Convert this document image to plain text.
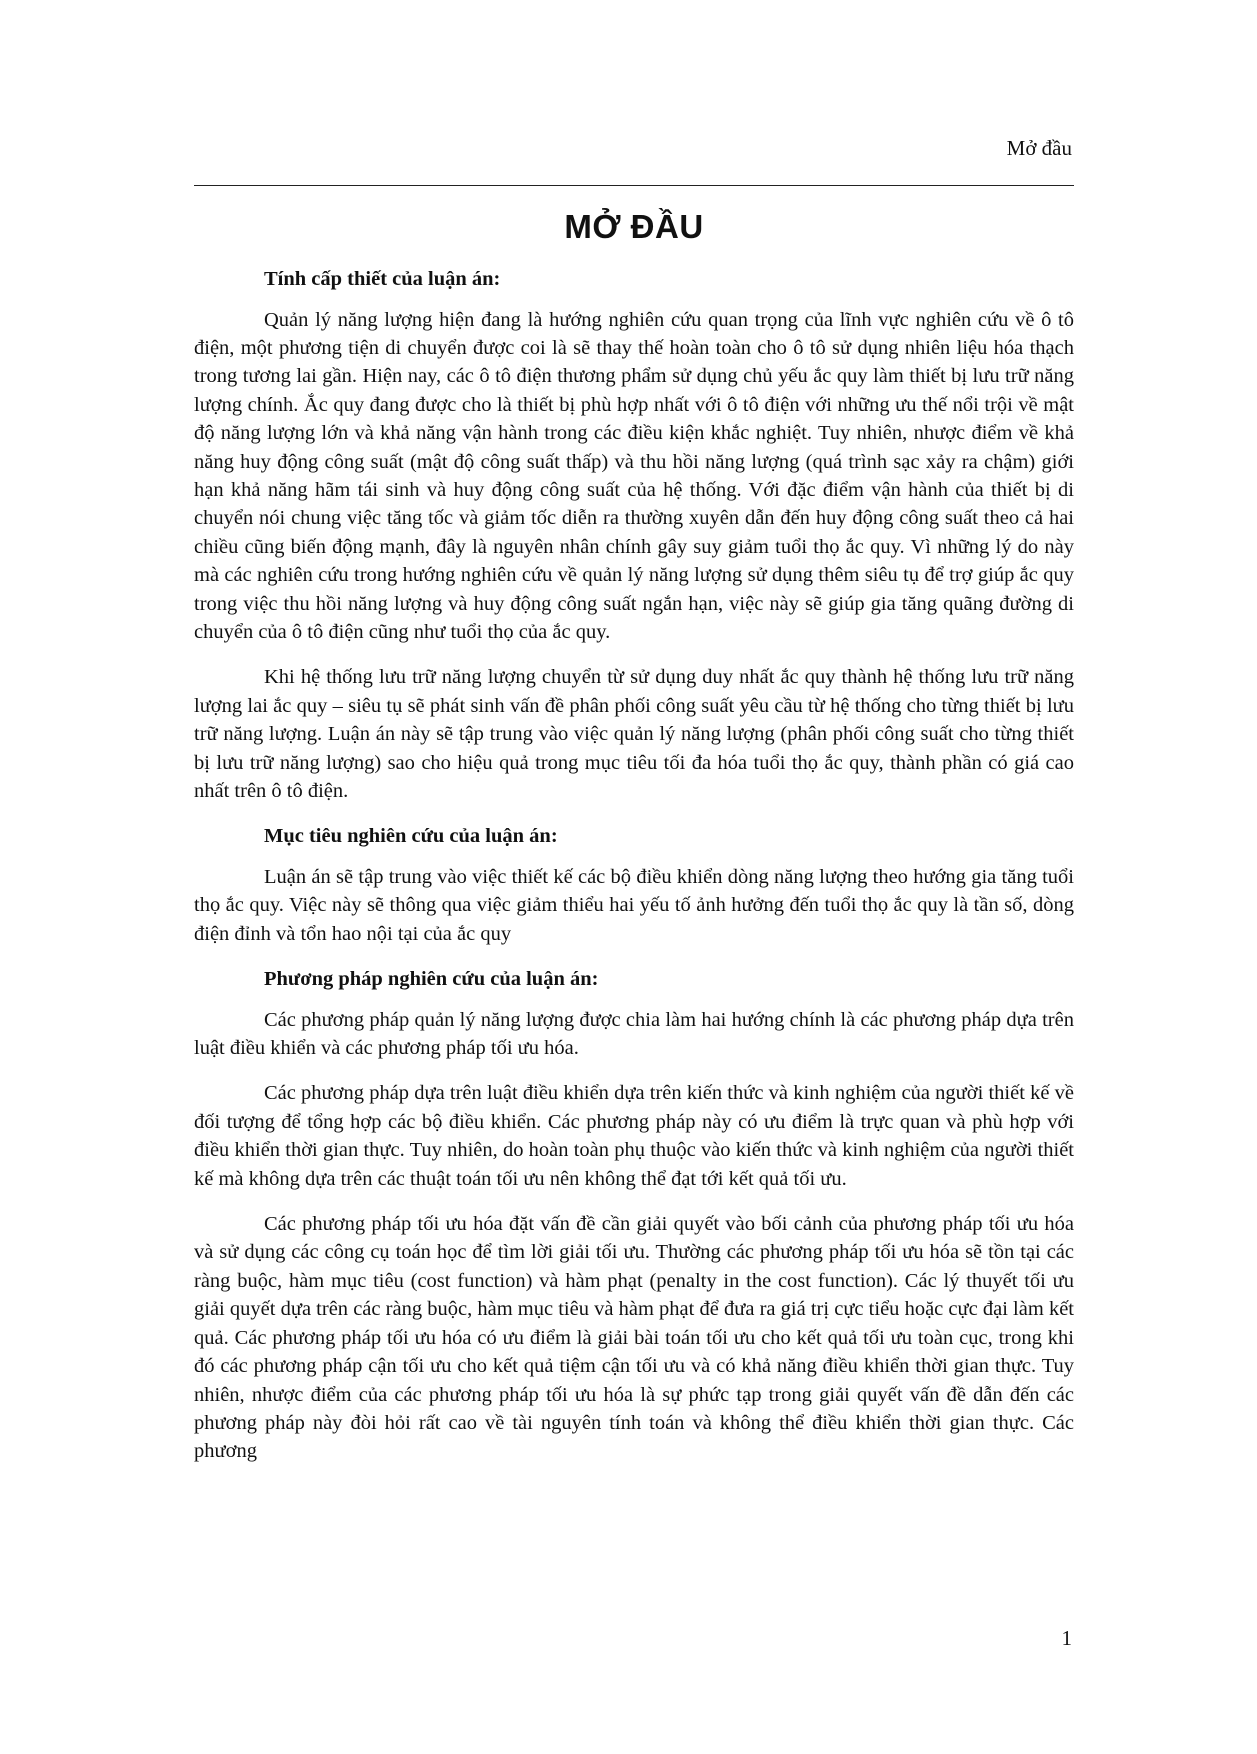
Mở đầu
MỞ ĐẦU

Tính cấp thiết của luận án:

Quản lý năng lượng hiện đang là hướng nghiên cứu quan trọng của lĩnh vực nghiên cứu về ô tô điện, một phương tiện di chuyển được coi là sẽ thay thế hoàn toàn cho ô tô sử dụng nhiên liệu hóa thạch trong tương lai gần. Hiện nay, các ô tô điện thương phẩm sử dụng chủ yếu ắc quy làm thiết bị lưu trữ năng lượng chính. Ắc quy đang được cho là thiết bị phù hợp nhất với ô tô điện với những ưu thế nổi trội về mật độ năng lượng lớn và khả năng vận hành trong các điều kiện khắc nghiệt. Tuy nhiên, nhược điểm về khả năng huy động công suất (mật độ công suất thấp) và thu hồi năng lượng (quá trình sạc xảy ra chậm) giới hạn khả năng hãm tái sinh và huy động công suất của hệ thống. Với đặc điểm vận hành của thiết bị di chuyển nói chung việc tăng tốc và giảm tốc diễn ra thường xuyên dẫn đến huy động công suất theo cả hai chiều cũng biến động mạnh, đây là nguyên nhân chính gây suy giảm tuổi thọ ắc quy. Vì những lý do này mà các nghiên cứu trong hướng nghiên cứu về quản lý năng lượng sử dụng thêm siêu tụ để trợ giúp ắc quy trong việc thu hồi năng lượng và huy động công suất ngắn hạn, việc này sẽ giúp gia tăng quãng đường di chuyển của ô tô điện cũng như tuổi thọ của ắc quy.

Khi hệ thống lưu trữ năng lượng chuyển từ sử dụng duy nhất ắc quy thành hệ thống lưu trữ năng lượng lai ắc quy – siêu tụ sẽ phát sinh vấn đề phân phối công suất yêu cầu từ hệ thống cho từng thiết bị lưu trữ năng lượng. Luận án này sẽ tập trung vào việc quản lý năng lượng (phân phối công suất cho từng thiết bị lưu trữ năng lượng) sao cho hiệu quả trong mục tiêu tối đa hóa tuổi thọ ắc quy, thành phần có giá cao nhất trên ô tô điện.

Mục tiêu nghiên cứu của luận án:

Luận án sẽ tập trung vào việc thiết kế các bộ điều khiển dòng năng lượng theo hướng gia tăng tuổi thọ ắc quy. Việc này sẽ thông qua việc giảm thiểu hai yếu tố ảnh hưởng đến tuổi thọ ắc quy là tần số, dòng điện đỉnh và tổn hao nội tại của ắc quy

Phương pháp nghiên cứu của luận án:

Các phương pháp quản lý năng lượng được chia làm hai hướng chính là các phương pháp dựa trên luật điều khiển và các phương pháp tối ưu hóa.

Các phương pháp dựa trên luật điều khiển dựa trên kiến thức và kinh nghiệm của người thiết kế về đối tượng để tổng hợp các bộ điều khiển. Các phương pháp này có ưu điểm là trực quan và phù hợp với điều khiển thời gian thực. Tuy nhiên, do hoàn toàn phụ thuộc vào kiến thức và kinh nghiệm của người thiết kế mà không dựa trên các thuật toán tối ưu nên không thể đạt tới kết quả tối ưu.

Các phương pháp tối ưu hóa đặt vấn đề cần giải quyết vào bối cảnh của phương pháp tối ưu hóa và sử dụng các công cụ toán học để tìm lời giải tối ưu. Thường các phương pháp tối ưu hóa sẽ tồn tại các ràng buộc, hàm mục tiêu (cost function) và hàm phạt (penalty in the cost function). Các lý thuyết tối ưu giải quyết dựa trên các ràng buộc, hàm mục tiêu và hàm phạt để đưa ra giá trị cực tiểu hoặc cực đại làm kết quả. Các phương pháp tối ưu hóa có ưu điểm là giải bài toán tối ưu cho kết quả tối ưu toàn cục, trong khi đó các phương pháp cận tối ưu cho kết quả tiệm cận tối ưu và có khả năng điều khiển thời gian thực. Tuy nhiên, nhược điểm của các phương pháp tối ưu hóa là sự phức tạp trong giải quyết vấn đề dẫn đến các phương pháp này đòi hỏi rất cao về tài nguyên tính toán và không thể điều khiển thời gian thực. Các phương

1
